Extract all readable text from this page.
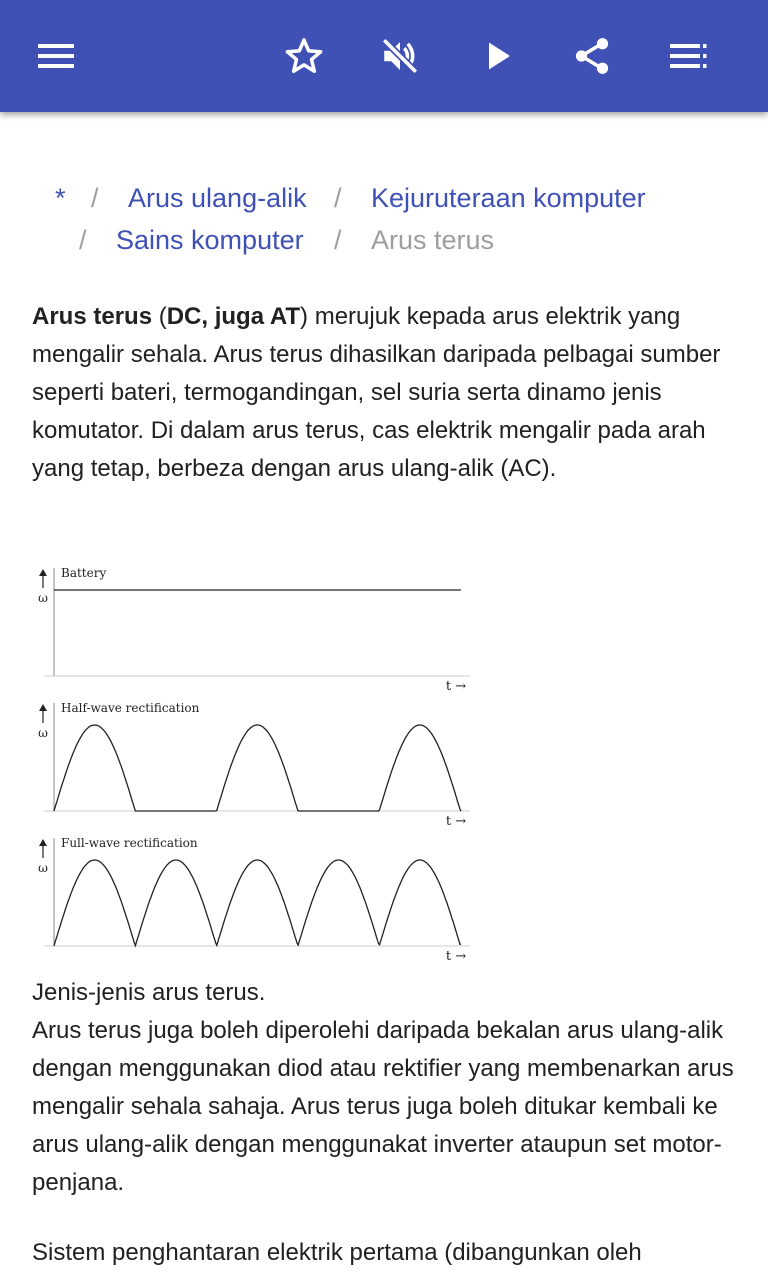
* / Arus ulang-alik / Kejuruteraan komputer
/ Sains komputer / Arus terus
Arus terus (DC, juga AT) merujuk kepada arus elektrik yang mengalir sehala. Arus terus dihasilkan daripada pelbagai sumber seperti bateri, termogandingan, sel suria serta dinamo jenis komutator. Di dalam arus terus, cas elektrik mengalir pada arah yang tetap, berbeza dengan arus ulang-alik (AC).
ω
Battery
t →
ω
Half-wave rectification
t →
ω
Full-wave rectification
t →
Jenis-jenis arus terus.
Arus terus juga boleh diperolehi daripada bekalan arus ulang-alik dengan menggunakan diod atau rektifier yang membenarkan arus mengalir sehala sahaja. Arus terus juga boleh ditukar kembali ke arus ulang-alik dengan menggunakat inverter ataupun set motor-penjana.
Sistem penghantaran elektrik pertama (dibangunkan oleh
